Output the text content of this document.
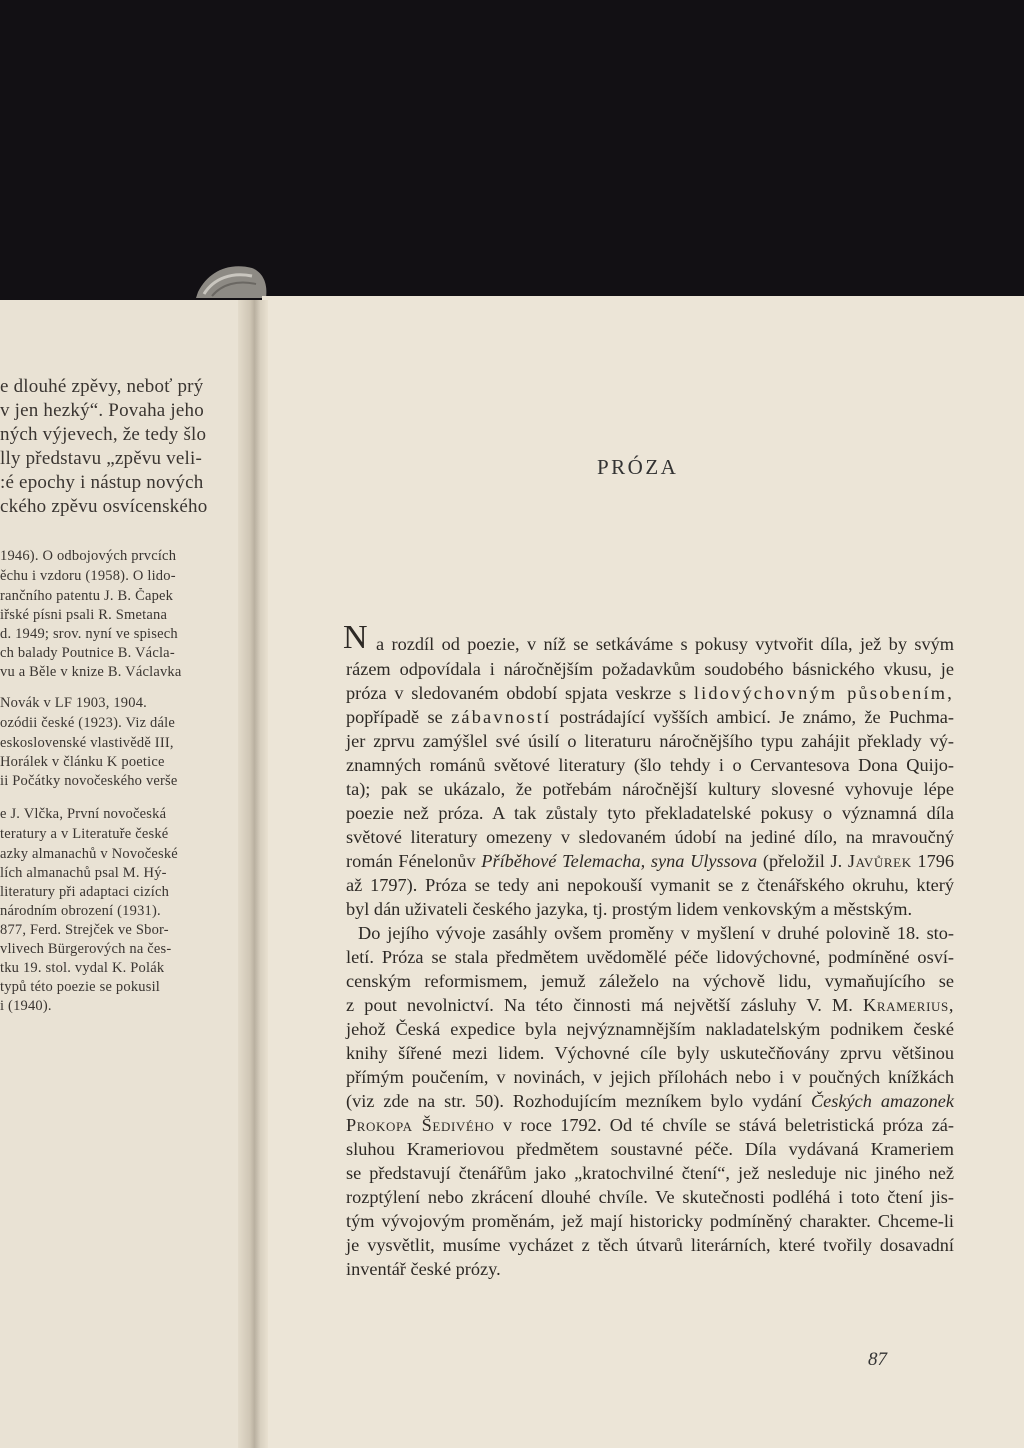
e dlouhé zpěvy, neboť prý
v jen hezký“. Povaha jeho
ných výjevech, že tedy šlo
lly představu „zpěvu veli-
:é epochy i nástup nových
ckého zpěvu osvícenského
1946). O odbojových prvcích
ěchu i vzdoru (1958). O lido-
rančního patentu J. B. Čapek
iřské písni psali R. Smetana
d. 1949; srov. nyní ve spisech
ch balady Poutnice B. Václa-
vu a Běle v knize B. Václavka
Novák v LF 1903, 1904.
ozódii české (1923). Viz dále
eskoslovenské vlastivědě III,
Horálek v článku K poetice
ii Počátky novočeského verše
e J. Vlčka, První novočeská
teratury a v Literatuře české
azky almanachů v Novočeské
lích almanachů psal M. Hý-
literatury při adaptaci cizích
národním obrození (1931).
877, Ferd. Strejček ve Sbor-
vlivech Bürgerových na čes-
tku 19. stol. vydal K. Polák
typů této poezie se pokusil
i (1940).
PRÓZA
N a rozdíl od poezie, v níž se setkáváme s pokusy vytvořit díla, jež by svým
rázem odpovídala i náročnějším požadavkům soudobého básnického vkusu, je
próza v sledovaném období spjata veskrze s lidovýchovným působením,
popřípadě se zábavností postrádající vyšších ambicí. Je známo, že Puchma-
jer zprvu zamýšlel své úsilí o literaturu náročnějšího typu zahájit překlady vý-
znamných románů světové literatury (šlo tehdy i o Cervantesova Dona Quijo-
ta); pak se ukázalo, že potřebám náročnější kultury slovesné vyhovuje lépe
poezie než próza. A tak zůstaly tyto překladatelské pokusy o významná díla
světové literatury omezeny v sledovaném údobí na jediné dílo, na mravoučný
román Fénelonův Příběhové Telemacha, syna Ulyssova (přeložil J. Javůrek 1796
až 1797). Próza se tedy ani nepokouší vymanit se z čtenářského okruhu, který
byl dán uživateli českého jazyka, tj. prostým lidem venkovským a městským.
Do jejího vývoje zasáhly ovšem proměny v myšlení v druhé polovině 18. sto-
letí. Próza se stala předmětem uvědomělé péče lidovýchovné, podmíněné osví-
cenským reformismem, jemuž záleželo na výchově lidu, vymaňujícího se
z pout nevolnictví. Na této činnosti má největší zásluhy V. M. Kramerius,
jehož Česká expedice byla nejvýznamnějším nakladatelským podnikem české
knihy šířené mezi lidem. Výchovné cíle byly uskutečňovány zprvu většinou
přímým poučením, v novinách, v jejich přílohách nebo i v poučných knížkách
(viz zde na str. 50). Rozhodujícím mezníkem bylo vydání Českých amazonek
Prokopa Šedivého v roce 1792. Od té chvíle se stává beletristická próza zá-
sluhou Krameriovou předmětem soustavné péče. Díla vydávaná Krameriem
se představují čtenářům jako „kratochvilné čtení“, jež nesleduje nic jiného než
rozptýlení nebo zkrácení dlouhé chvíle. Ve skutečnosti podléhá i toto čtení jis-
tým vývojovým proměnám, jež mají historicky podmíněný charakter. Chceme-li
je vysvětlit, musíme vycházet z těch útvarů literárních, které tvořily dosavadní
inventář české prózy.
87
